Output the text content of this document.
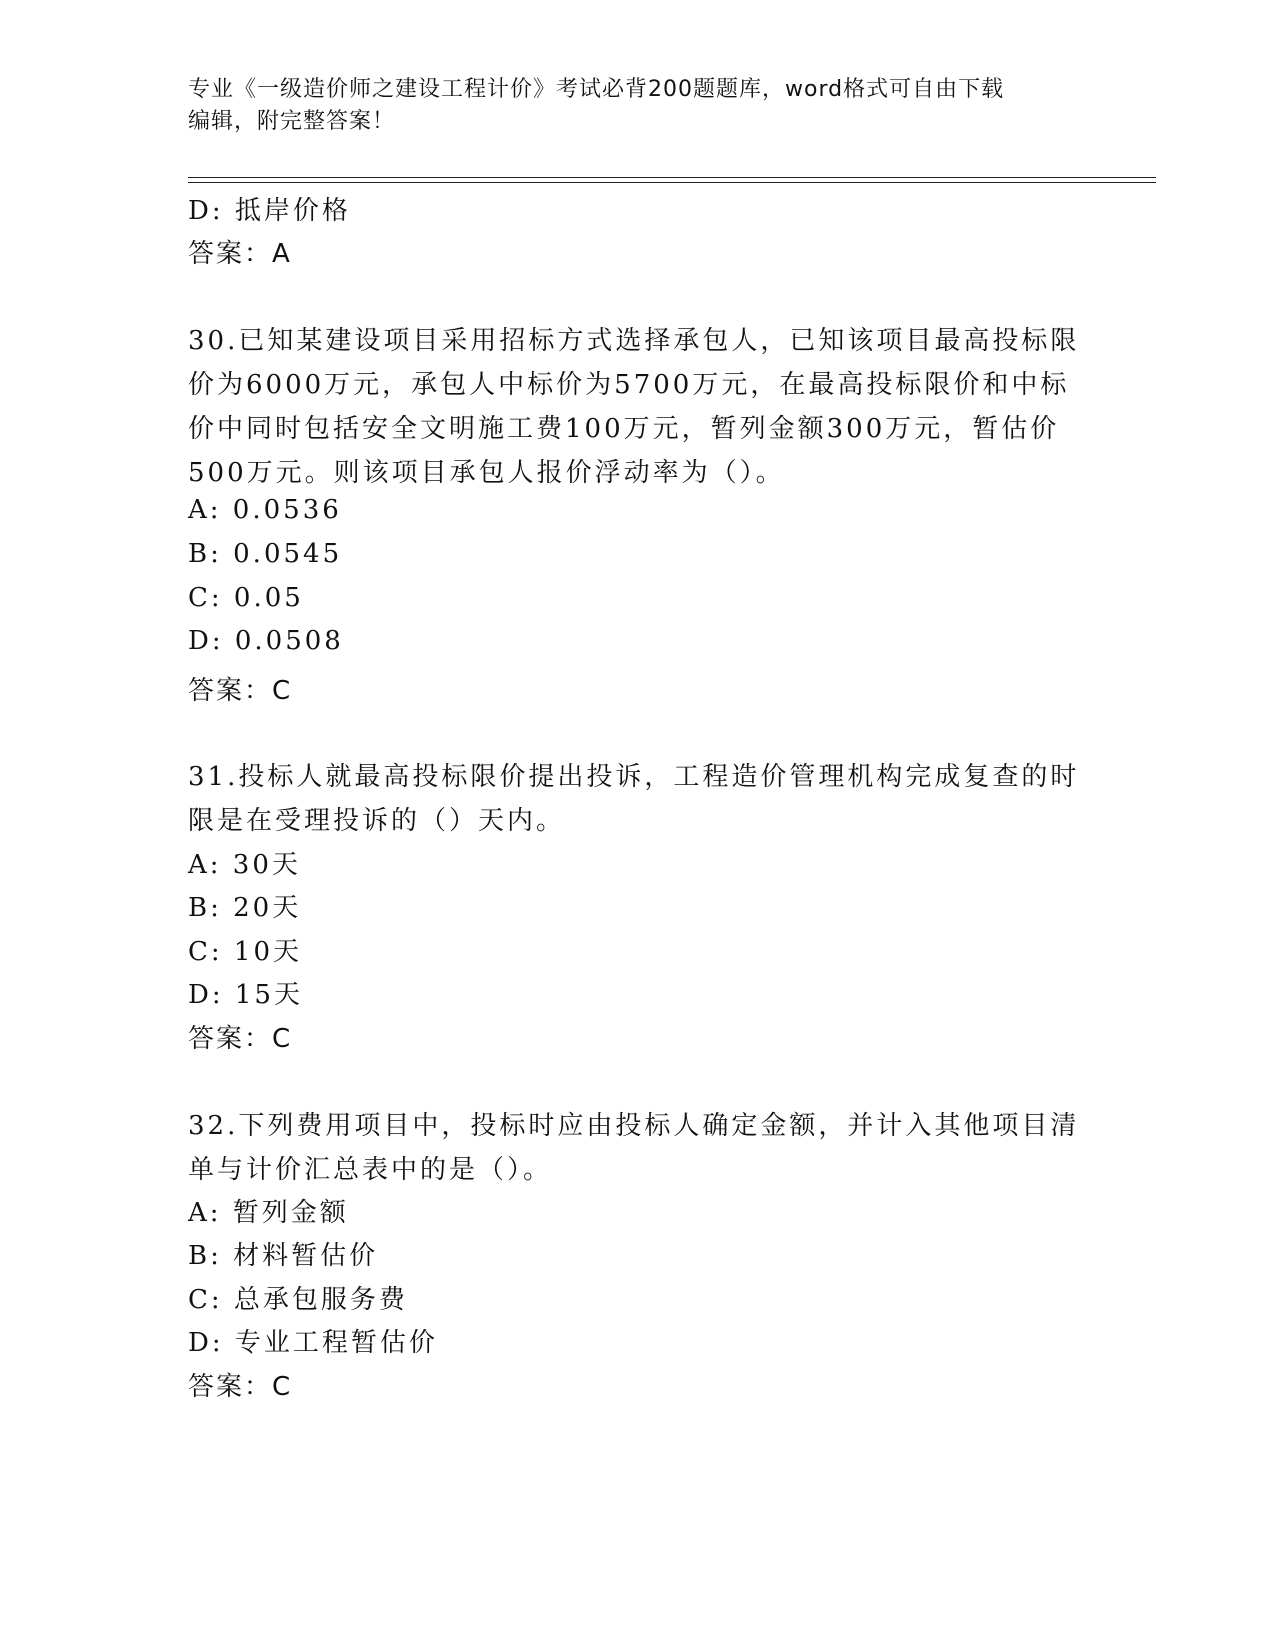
专业《一级造价师之建设工程计价》考试必背200题题库，word格式可自由下载
编辑，附完整答案！
D: 抵岸价格
答案：A
30.已知某建设项目采用招标方式选择承包人，已知该项目最高投标限
价为6000万元，承包人中标价为5700万元，在最高投标限价和中标
价中同时包括安全文明施工费100万元，暂列金额300万元，暂估价
500万元。则该项目承包人报价浮动率为（）。
A: 0.0536
B: 0.0545
C: 0.05
D: 0.0508
答案：C
31.投标人就最高投标限价提出投诉，工程造价管理机构完成复查的时
限是在受理投诉的（）天内。
A: 30天
B: 20天
C: 10天
D: 15天
答案：C
32.下列费用项目中，投标时应由投标人确定金额，并计入其他项目清
单与计价汇总表中的是（）。
A: 暂列金额
B: 材料暂估价
C: 总承包服务费
D: 专业工程暂估价
答案：C
